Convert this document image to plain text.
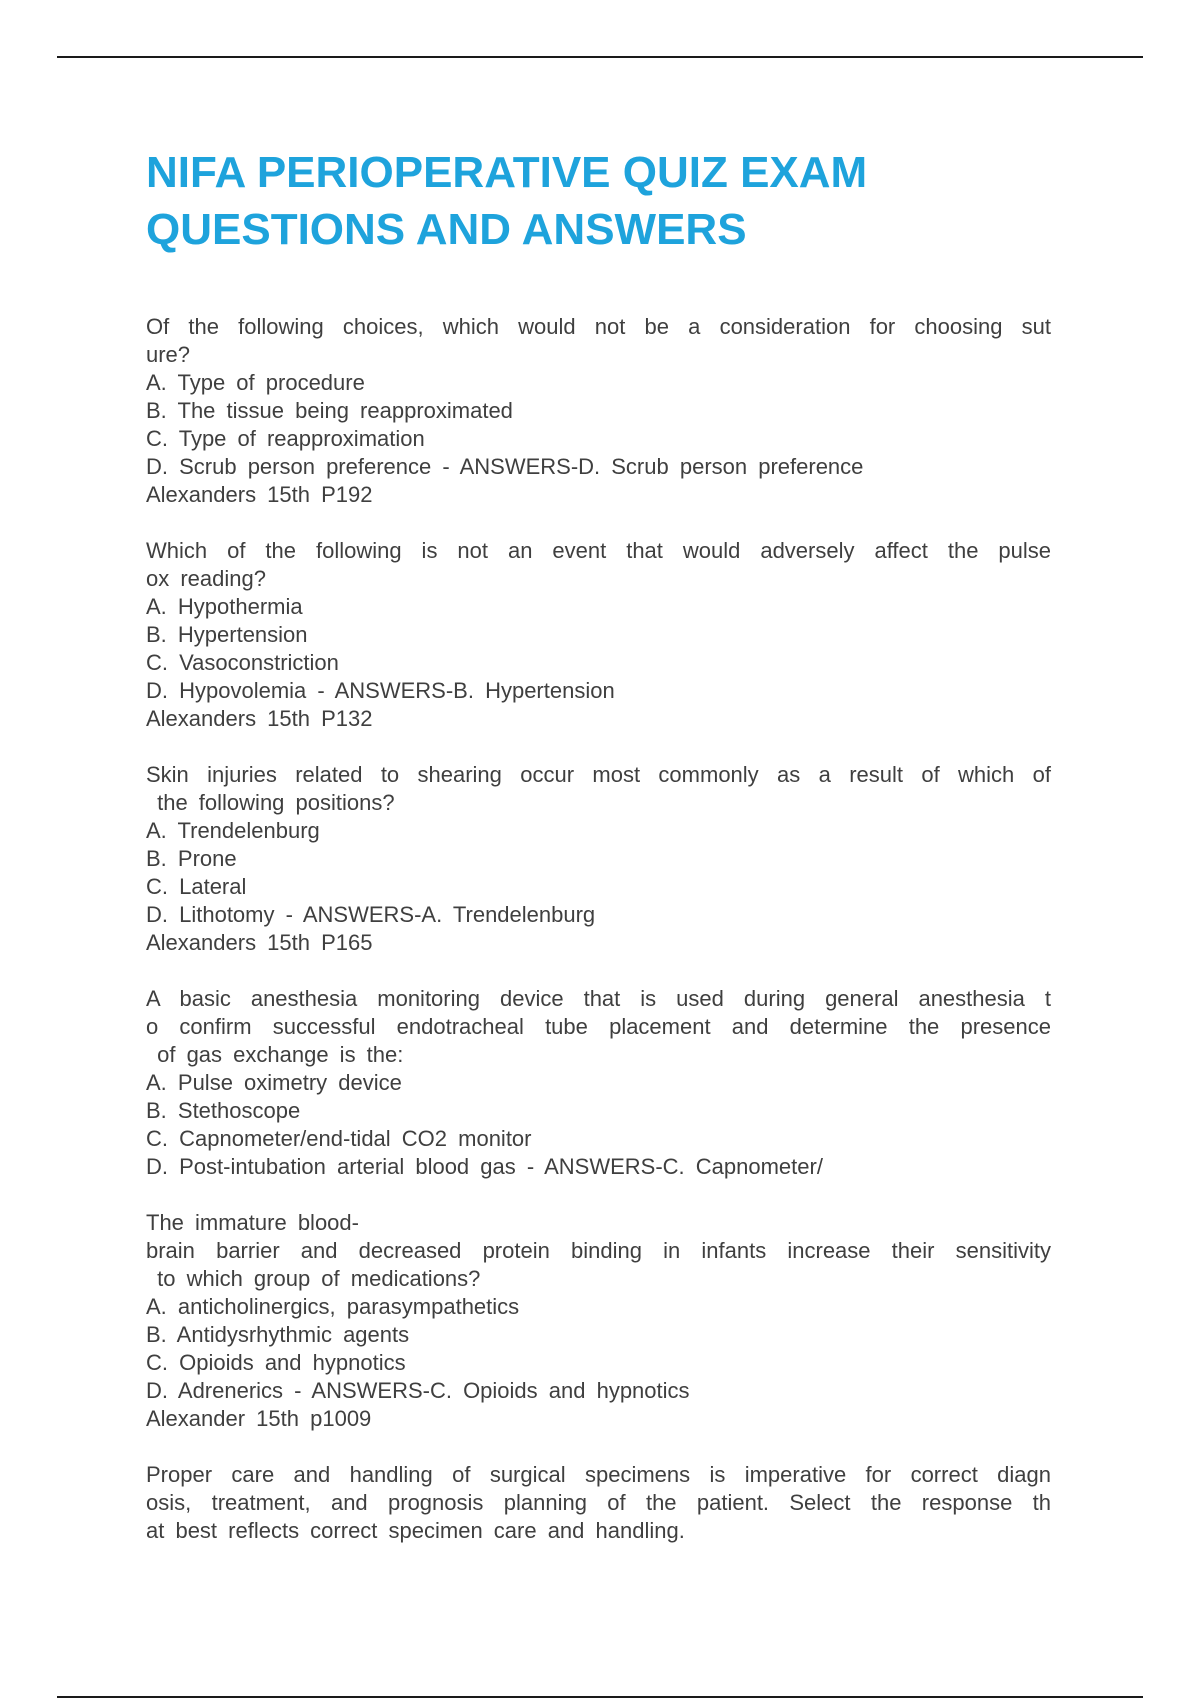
NIFA PERIOPERATIVE QUIZ EXAM
QUESTIONS AND ANSWERS
Of the following choices, which would not be a consideration for choosing sut
ure?
A. Type of procedure
B. The tissue being reapproximated
C. Type of reapproximation
D. Scrub person preference - ANSWERS-D. Scrub person preference
Alexanders 15th P192
Which of the following is not an event that would adversely affect the pulse
ox reading?
A. Hypothermia
B. Hypertension
C. Vasoconstriction
D. Hypovolemia - ANSWERS-B. Hypertension
Alexanders 15th P132
Skin injuries related to shearing occur most commonly as a result of which of
the following positions?
A. Trendelenburg
B. Prone
C. Lateral
D. Lithotomy - ANSWERS-A. Trendelenburg
Alexanders 15th P165
A basic anesthesia monitoring device that is used during general anesthesia t
o confirm successful endotracheal tube placement and determine the presence
of gas exchange is the:
A. Pulse oximetry device
B. Stethoscope
C. Capnometer/end-tidal CO2 monitor
D. Post-intubation arterial blood gas - ANSWERS-C. Capnometer/
The immature blood-
brain barrier and decreased protein binding in infants increase their sensitivity
to which group of medications?
A. anticholinergics, parasympathetics
B. Antidysrhythmic agents
C. Opioids and hypnotics
D. Adrenerics - ANSWERS-C. Opioids and hypnotics
Alexander 15th p1009
Proper care and handling of surgical specimens is imperative for correct diagn
osis, treatment, and prognosis planning of the patient. Select the response th
at best reflects correct specimen care and handling.
